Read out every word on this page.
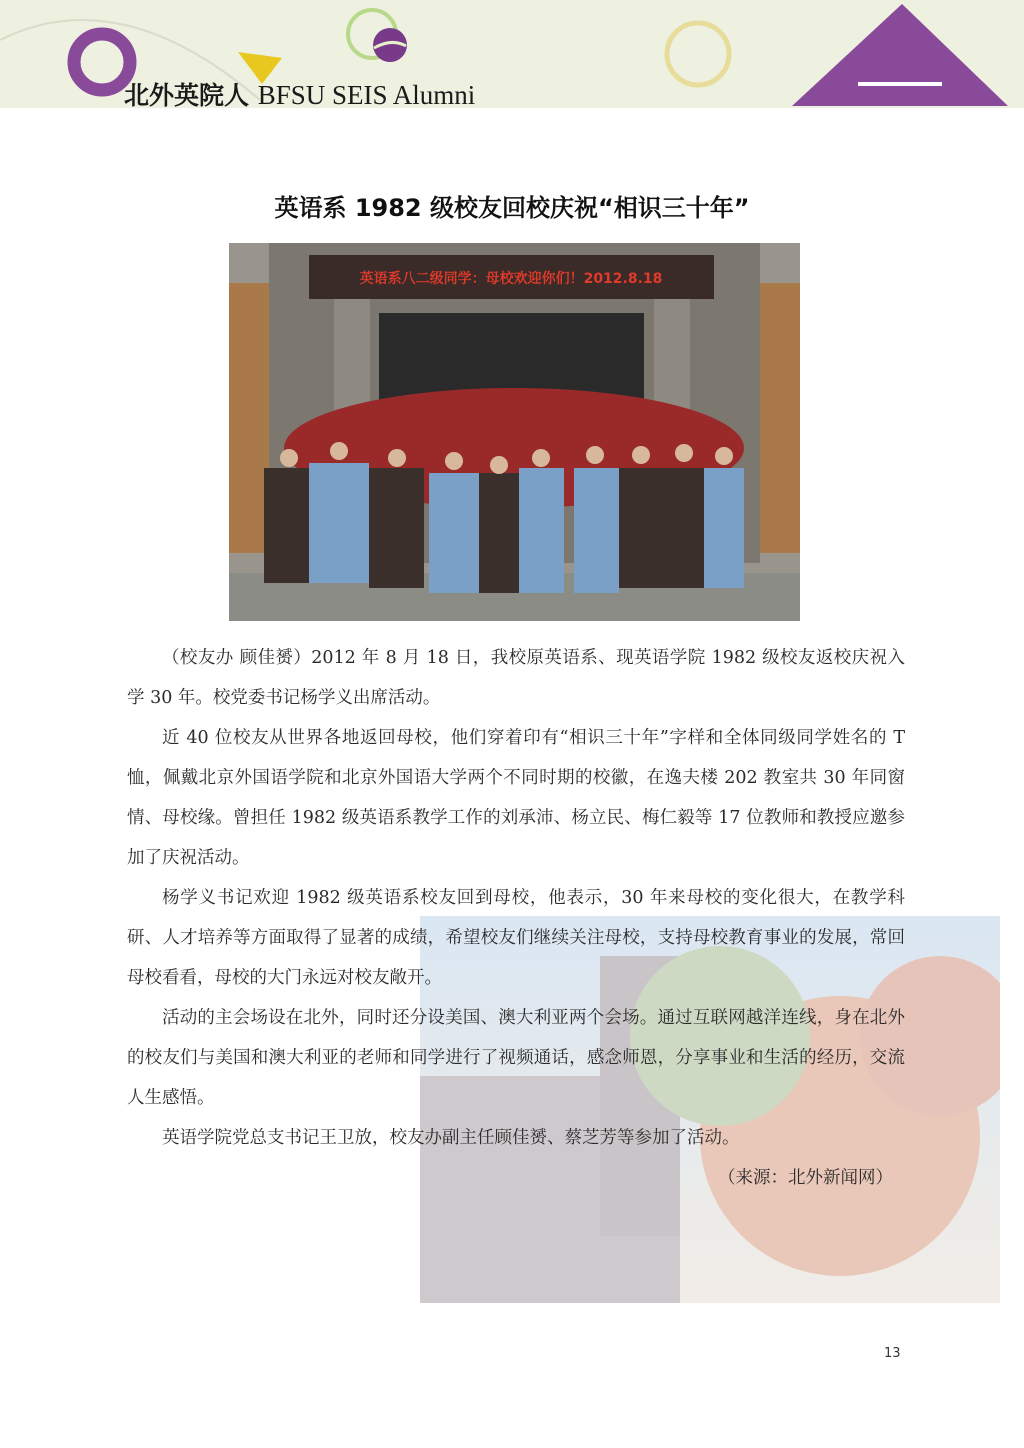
北外英院人 BFSU SEIS Alumni
英语系 1982 级校友回校庆祝“相识三十年”
英语系八二级同学：母校欢迎你们！2012.8.18

（校友办 顾佳赟）2012 年 8 月 18 日，我校原英语系、现英语学院 1982 级校友返校庆祝入学 30 年。校党委书记杨学义出席活动。

近 40 位校友从世界各地返回母校，他们穿着印有“相识三十年”字样和全体同级同学姓名的 T 恤，佩戴北京外国语学院和北京外国语大学两个不同时期的校徽，在逸夫楼 202 教室共 30 年同窗情、母校缘。曾担任 1982 级英语系教学工作的刘承沛、杨立民、梅仁毅等 17 位教师和教授应邀参加了庆祝活动。

杨学义书记欢迎 1982 级英语系校友回到母校，他表示，30 年来母校的变化很大，在教学科研、人才培养等方面取得了显著的成绩，希望校友们继续关注母校，支持母校教育事业的发展，常回母校看看，母校的大门永远对校友敞开。

活动的主会场设在北外，同时还分设美国、澳大利亚两个会场。通过互联网越洋连线，身在北外的校友们与美国和澳大利亚的老师和同学进行了视频通话，感念师恩，分享事业和生活的经历，交流人生感悟。

英语学院党总支书记王卫放，校友办副主任顾佳赟、蔡芝芳等参加了活动。

（来源：北外新闻网）
13
